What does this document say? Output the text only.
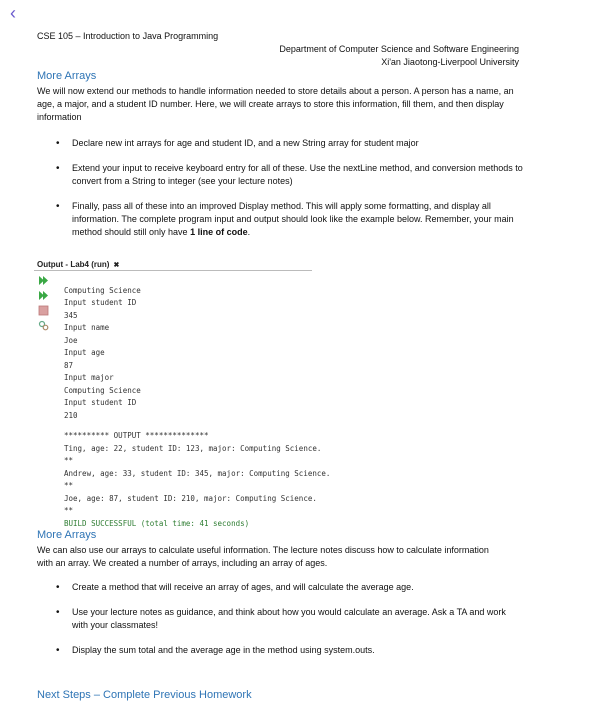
‹
CSE 105 – Introduction to Java Programming
Department of Computer Science and Software Engineering
Xi'an Jiaotong-Liverpool University
More Arrays
We will now extend our methods to handle information needed to store details about a person. A person has a name, an age, a major, and a student ID number. Here, we will create arrays to store this information, fill them, and then display information
• Declare new int arrays for age and student ID, and a new String array for student major
• Extend your input to receive keyboard entry for all of these. Use the nextLine method, and conversion methods to convert from a String to integer (see your lecture notes)
• Finally, pass all of these into an improved Display method. This will apply some formatting, and display all information. The complete program input and output should look like the example below. Remember, your main method should still only have 1 line of code.
Output - Lab4 (run) ✖

Computing Science
Input student ID
345
Input name
Joe
Input age
87
Input major
Computing Science
Input student ID
210
********** OUTPUT **************
Ting, age: 22, student ID: 123, major: Computing Science.
**
Andrew, age: 33, student ID: 345, major: Computing Science.
**
Joe, age: 87, student ID: 210, major: Computing Science.
**
BUILD SUCCESSFUL (total time: 41 seconds)

More Arrays
We can also use our arrays to calculate useful information. The lecture notes discuss how to calculate information with an array. We created a number of arrays, including an array of ages.
• Create a method that will receive an array of ages, and will calculate the average age.
• Use your lecture notes as guidance, and think about how you would calculate an average. Ask a TA and work with your classmates!
• Display the sum total and the average age in the method using system.outs.
Next Steps – Complete Previous Homework
